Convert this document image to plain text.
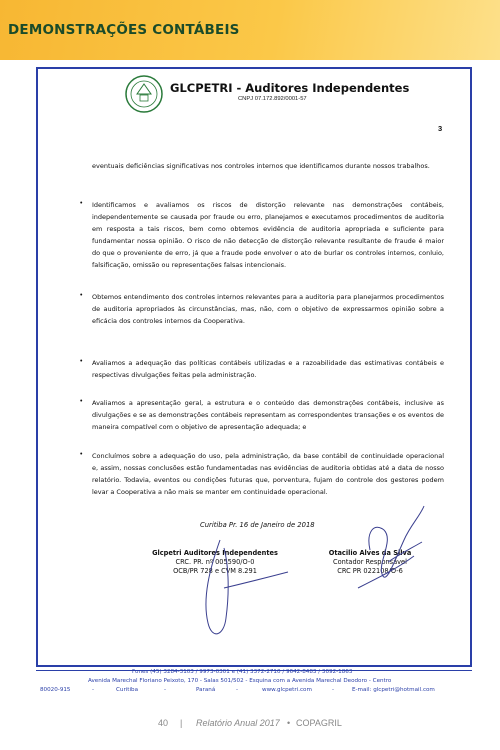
DEMONSTRAÇÕES CONTÁBEIS
GLCPETRI - Auditores Independentes
CNPJ 07.172.892/0001-57
3
eventuais deficiências significativas nos controles internos que identificamos durante nossos trabalhos.
• Identificamos e avaliamos os riscos de distorção relevante nas demonstrações contábeis, independentemente se causada por fraude ou erro, planejamos e executamos procedimentos de auditoria em resposta a tais riscos, bem como obtemos evidência de auditoria apropriada e suficiente para fundamentar nossa opinião. O risco de não detecção de distorção relevante resultante de fraude é maior do que o proveniente de erro, já que a fraude pode envolver o ato de burlar os controles internos, conluio, falsificação, omissão ou representações falsas intencionais.
• Obtemos entendimento dos controles internos relevantes para a auditoria para planejarmos procedimentos de auditoria apropriados às circunstâncias, mas, não, com o objetivo de expressarmos opinião sobre a eficácia dos controles internos da Cooperativa.
• Avaliamos a adequação das políticas contábeis utilizadas e a razoabilidade das estimativas contábeis e respectivas divulgações feitas pela administração.
• Avaliamos a apresentação geral, a estrutura e o conteúdo das demonstrações contábeis, inclusive as divulgações e se as demonstrações contábeis representam as correspondentes transações e os eventos de maneira compatível com o objetivo de apresentação adequada; e
• Concluímos sobre a adequação do uso, pela administração, da base contábil de continuidade operacional e, assim, nossas conclusões estão fundamentadas nas evidências de auditoria obtidas até a data de nosso relatório. Todavia, eventos ou condições futuras que, porventura, fujam do controle dos gestores podem levar a Cooperativa a não mais se manter em continuidade operacional.
Curitiba Pr. 16 de Janeiro de 2018
Glcpetri Auditores Independentes
CRC. PR. nº 005590/O-0
OCB/PR 728 e CVM 8.291
Otacilio Alves da Silva
Contador Responsável
CRC PR 022108/O-6
Fones (45) 3284-3103 / 9973-0301 e (41) 3372-2710 / 9642-8483 / 3092-1863
Avenida Marechal Floriano Peixoto, 170 - Salas 501/502 - Esquina com a Avenida Marechal Deodoro - Centro
80020-915	-	Curitiba	-	Paraná	-	www.glcpetri.com	-	E-mail: glcpetri@hotmail.com
40 | Relatório Anual 2017 • COPAGRIL
